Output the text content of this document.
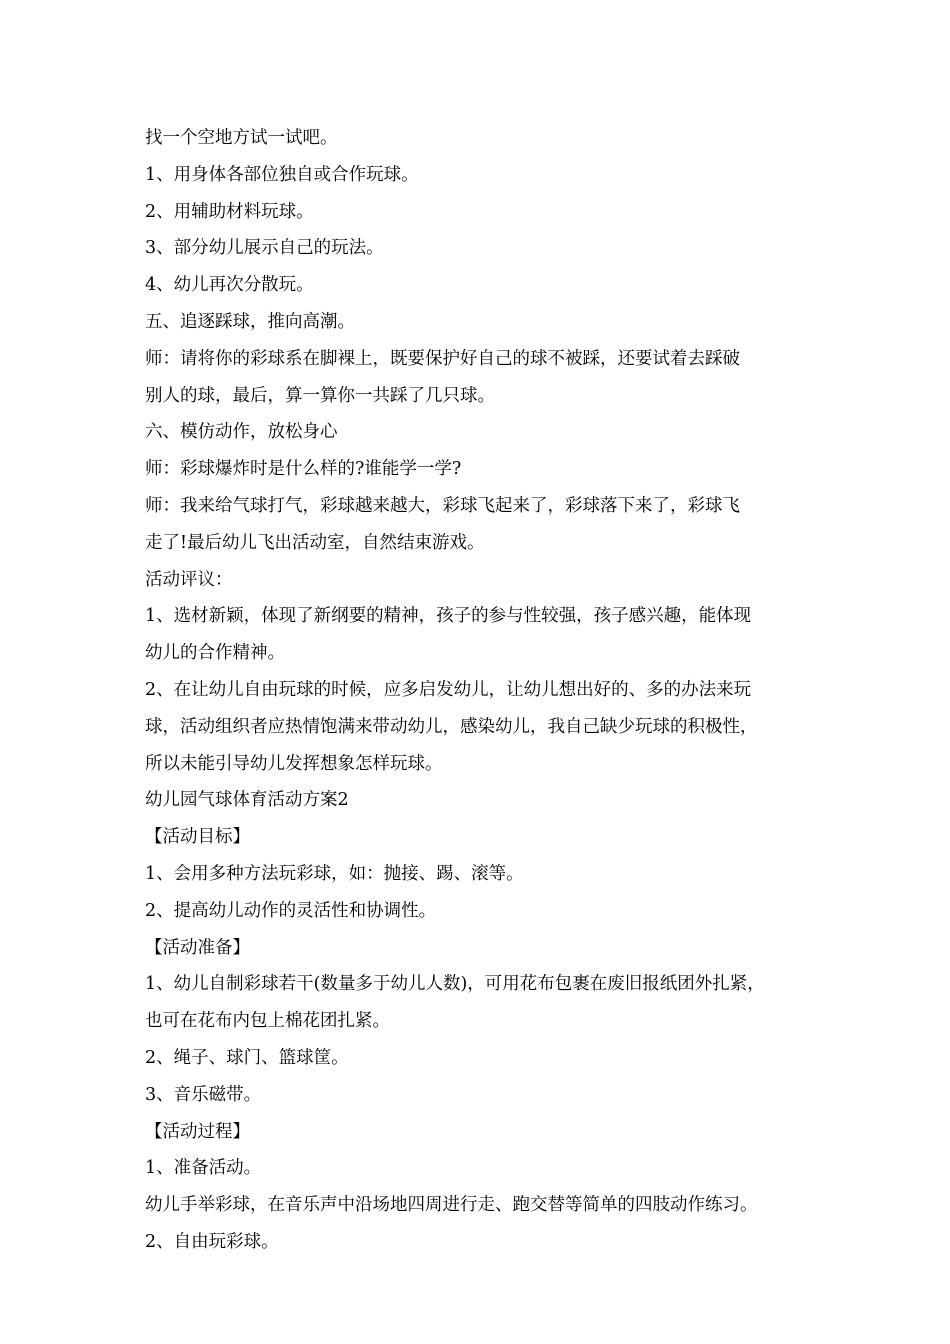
找一个空地方试一试吧。

1、用身体各部位独自或合作玩球。

2、用辅助材料玩球。

3、部分幼儿展示自己的玩法。

4、幼儿再次分散玩。

五、追逐踩球，推向高潮。

师：请将你的彩球系在脚裸上，既要保护好自己的球不被踩，还要试着去踩破

别人的球，最后，算一算你一共踩了几只球。

六、模仿动作，放松身心

师：彩球爆炸时是什么样的?谁能学一学?

师：我来给气球打气，彩球越来越大，彩球飞起来了，彩球落下来了，彩球飞

走了!最后幼儿飞出活动室，自然结束游戏。

活动评议：

1、选材新颖，体现了新纲要的精神，孩子的参与性较强，孩子感兴趣，能体现

幼儿的合作精神。

2、在让幼儿自由玩球的时候，应多启发幼儿，让幼儿想出好的、多的办法来玩

球，活动组织者应热情饱满来带动幼儿，感染幼儿，我自己缺少玩球的积极性，

所以未能引导幼儿发挥想象怎样玩球。

幼儿园气球体育活动方案2

【活动目标】

1、会用多种方法玩彩球，如：抛接、踢、滚等。

2、提高幼儿动作的灵活性和协调性。

【活动准备】

1、幼儿自制彩球若干(数量多于幼儿人数)，可用花布包裹在废旧报纸团外扎紧，

也可在花布内包上棉花团扎紧。

2、绳子、球门、篮球筐。

3、音乐磁带。

【活动过程】

1、准备活动。

幼儿手举彩球，在音乐声中沿场地四周进行走、跑交替等简单的四肢动作练习。

2、自由玩彩球。
